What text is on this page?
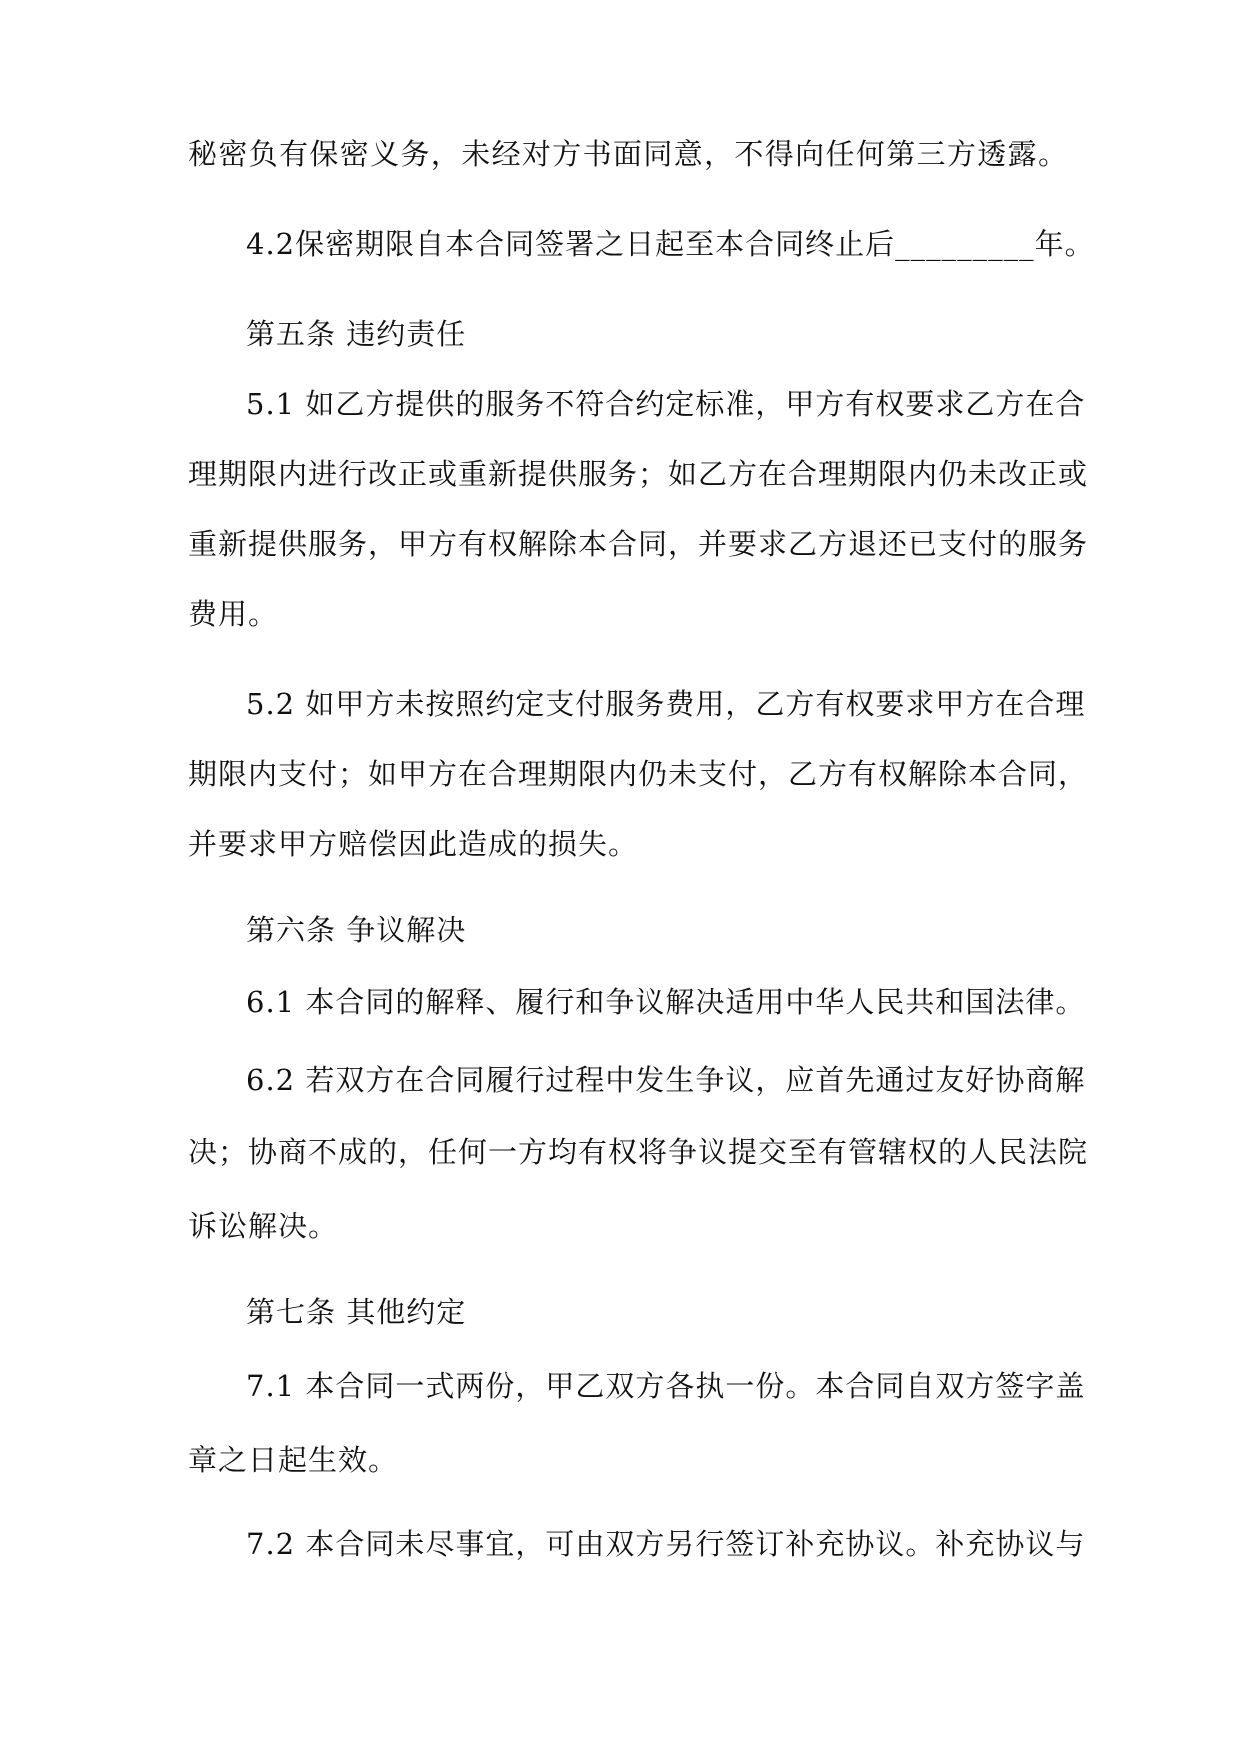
秘密负有保密义务，未经对方书面同意，不得向任何第三方透露。
4.2保密期限自本合同签署之日起至本合同终止后_________年。
第五条 违约责任
5.1 如乙方提供的服务不符合约定标准，甲方有权要求乙方在合
理期限内进行改正或重新提供服务；如乙方在合理期限内仍未改正或
重新提供服务，甲方有权解除本合同，并要求乙方退还已支付的服务
费用。
5.2 如甲方未按照约定支付服务费用，乙方有权要求甲方在合理
期限内支付；如甲方在合理期限内仍未支付，乙方有权解除本合同，
并要求甲方赔偿因此造成的损失。
第六条 争议解决
6.1 本合同的解释、履行和争议解决适用中华人民共和国法律。
6.2 若双方在合同履行过程中发生争议，应首先通过友好协商解
决；协商不成的，任何一方均有权将争议提交至有管辖权的人民法院
诉讼解决。
第七条 其他约定
7.1 本合同一式两份，甲乙双方各执一份。本合同自双方签字盖
章之日起生效。
7.2 本合同未尽事宜，可由双方另行签订补充协议。补充协议与
